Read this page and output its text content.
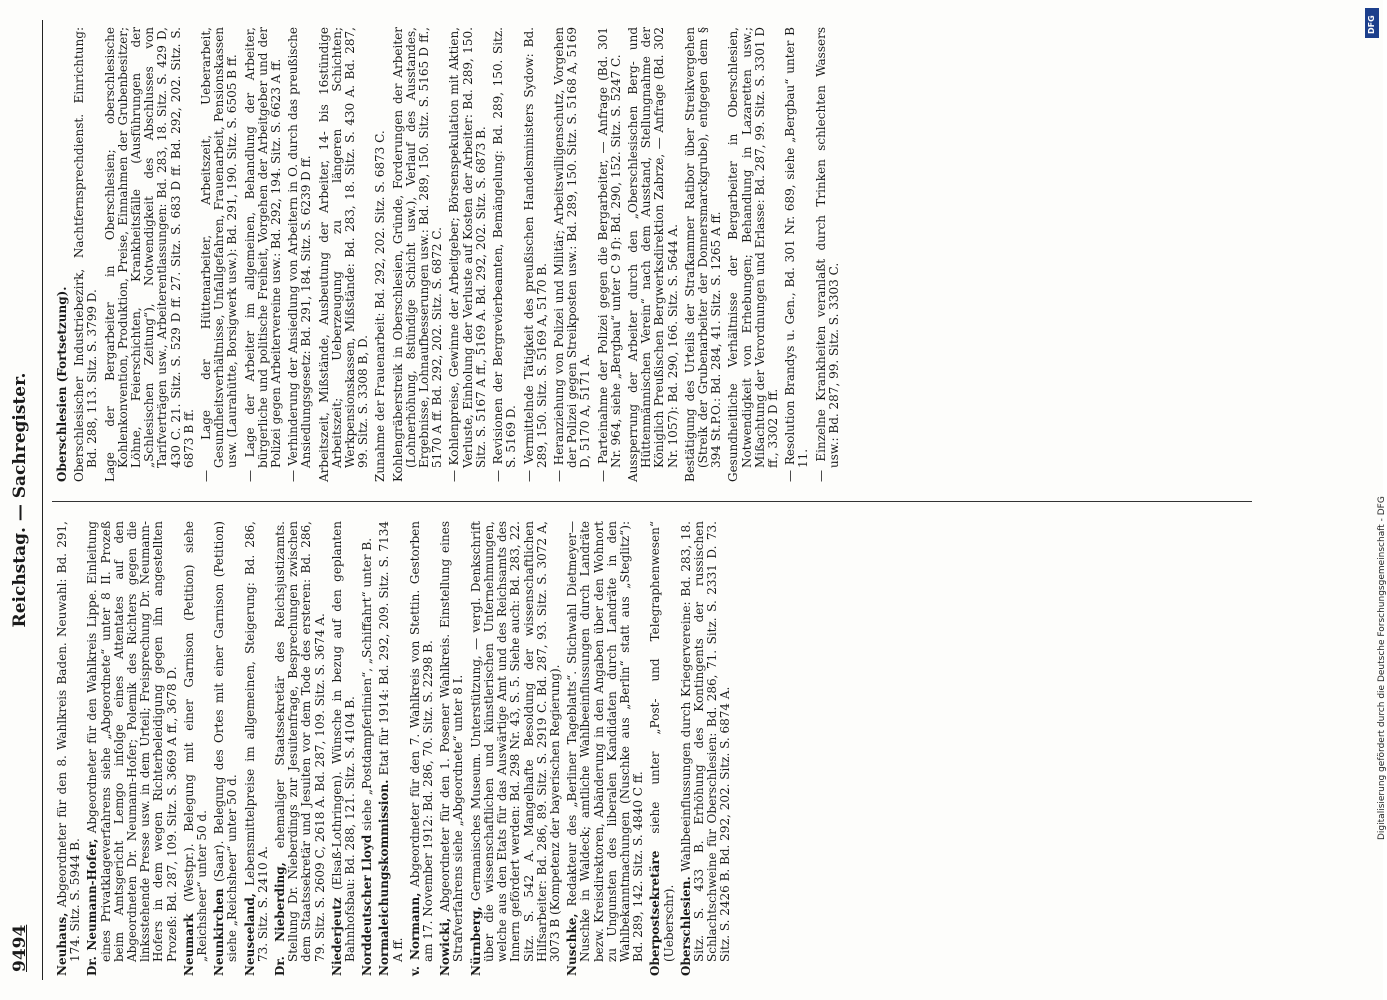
9494
Reichstag. — Sachregister.

Neuhaus, Abgeordneter für den 8. Wahlkreis Baden. Neuwahl: Bd. 291, 174. Sitz. S. 5944 B. Dr. Neumann-Hofer, Abgeordneter für den Wahlkreis Lippe. Einleitung eines Privatklageverfahrens siehe „Abgeordnete“ unter 8 II. Prozeß beim Amtsgericht Lemgo infolge eines Attentates auf den Abgeordneten Dr. Neumann-Hofer; Polemik des Richters gegen die linksstehende Presse usw. in dem Urteil; Freisprechung Dr. Neumann-Hofers in dem wegen Richterbeleidigung gegen ihn angestellten Prozeß: Bd. 287, 109. Sitz. S. 3669 A ff., 3678 D. Neumark (Westpr.). Belegung mit einer Garnison (Petition) siehe „Reichsheer“ unter 50 d. Neunkirchen (Saar). Belegung des Ortes mit einer Garnison (Petition) siehe „Reichsheer“ unter 50 d. Neuseeland, Lebensmittelpreise im allgemeinen, Steigerung: Bd. 286, 73. Sitz. S. 2410 A. Dr. Nieberding, ehemaliger Staatssekretär des Reichsjustizamts. Stellung Dr. Nieberdings zur Jesuitenfrage, Besprechungen zwischen dem Staatssekretär und Jesuiten vor dem Tode des ersteren: Bd. 286, 79. Sitz. S. 2609 C, 2618 A. Bd. 287, 109. Sitz. S. 3674 A. Niederjeutz (Elsaß-Lothringen). Wünsche in bezug auf den geplanten Bahnhofsbau: Bd. 288, 121. Sitz. S. 4104 B. Norddeutscher Lloyd siehe „Postdampferlinien“, „Schiffahrt“ unter B.

Normaleichungskommission. Etat für 1914: Bd. 292, 209. Sitz. S. 7134 A ff. v. Normann, Abgeordneter für den 7. Wahlkreis von Stettin. Gestorben am 17. November 1912: Bd. 286, 70. Sitz. S. 2298 B. Nowicki, Abgeordneter für den 1. Posener Wahlkreis. Einstellung eines Strafverfahrens siehe „Abgeordnete“ unter 8 I. Nürnberg, Germanisches Museum. Unterstützung, — vergl. Denkschrift über die wissenschaftlichen und künstlerischen Unternehmungen, welche aus den Etats für das Auswärtige Amt und des Reichsamts des Innern gefördert werden: Bd. 298 Nr. 43, S. 5. Siehe auch: Bd. 283, 22. Sitz. S. 542 A. Mangelhafte Besoldung der wissenschaftlichen Hilfsarbeiter: Bd. 286, 89. Sitz. S. 2919 C. Bd. 287, 93. Sitz. S. 3072 A, 3073 B (Kompetenz der bayerischen Regierung). Nuschke, Redakteur des „Berliner Tageblatts“. Stichwahl Dietmeyer—Nuschke in Waldeck; amtliche Wahlbeeinflussungen durch Landräte bezw. Kreisdirektoren, Abänderung in den Angaben über den Wohnort zu Ungunsten des liberalen Kandidaten durch Landräte in den Wahlbekanntmachungen (Nuschke aus „Berlin“ statt aus „Steglitz“): Bd. 289, 142. Sitz. S. 4840 C ff. Oberpostsekretäre siehe unter „Post- und Telegraphenwesen“ (Ueberschr). Oberschlesien. Wahlbeeinflussungen durch Kriegervereine: Bd. 283, 18. Sitz. S. 433 B. Erhöhung des Kontingents der russischen Schlachtschweine für Oberschlesien: Bd. 286, 71. Sitz. S. 2331 D. 73. Sitz. S. 2426 B. Bd. 292, 202. Sitz. S. 6874 A.

Oberschlesien (Fortsetzung). Oberschlesischer Industriebezirk, Nachtfernsprechdienst. Einrichtung: Bd. 288, 113. Sitz. S. 3799 D. Lage der Bergarbeiter in Oberschlesien; oberschlesische Kohlenkonvention, Produktion, Preise, Einnahmen der Grubenbesitzer; Löhne, Feierschichten, Krankheitsfälle (Ausführungen der „Schlesischen Zeitung“), Notwendigkeit des Abschlusses von Tarifverträgen usw., Arbeiterentlassungen: Bd. 283, 18. Sitz. S. 429 D, 430 C. 21. Sitz. S. 529 D ff. 27. Sitz. S. 683 D ff. Bd. 292, 202. Sitz. S. 6873 B ff. — Lage der Hüttenarbeiter, Arbeitszeit, Ueberarbeit, Gesundheitsverhältnisse, Unfallgefahren, Frauenarbeit, Pensionskassen usw. (Laurahütte, Borsigwerk usw.): Bd. 291, 190. Sitz. S. 6505 B ff. — Lage der Arbeiter im allgemeinen, Behandlung der Arbeiter, bürgerliche und politische Freiheit, Vorgehen der Arbeitgeber und der Polizei gegen Arbeitervereine usw.: Bd. 292, 194. Sitz. S. 6623 A ff. — Verhinderung der Ansiedlung von Arbeitern in O. durch das preußische Ansiedlungsgesetz: Bd. 291, 184. Sitz. S. 6239 D ff. Arbeitszeit, Mißstände, Ausbeutung der Arbeiter, 14- bis 16stündige Arbeitszeit; Ueberzeugung zu längeren Schichten; Werkpensionskassen, Mißstände: Bd. 283, 18. Sitz. S. 430 A. Bd. 287, 99. Sitz. S. 3308 B, D. Zunahme der Frauenarbeit: Bd. 292, 202. Sitz. S. 6873 C. Kohlengräberstreik in Oberschlesien, Gründe, Forderungen der Arbeiter (Lohnerhöhung, 8stündige Schicht usw.), Verlauf des Ausstandes, Ergebnisse, Lohnaufbesserungen usw.: Bd. 289, 150. Sitz. S. 5165 D ff., 5170 A ff. Bd. 292, 202. Sitz. S. 6872 C. — Kohlenpreise, Gewinne der Arbeitgeber; Börsenspekulation mit Aktien, Verluste, Einholung der Verluste auf Kosten der Arbeiter: Bd. 289, 150. Sitz. S. 5167 A ff., 5169 A. Bd. 292, 202. Sitz. S. 6873 B. — Revisionen der Bergrevierbeamten, Bemängelung: Bd. 289, 150. Sitz. S. 5169 D. — Vermittelnde Tätigkeit des preußischen Handelsministers Sydow: Bd. 289, 150. Sitz. S. 5169 A, 5170 B. — Heranziehung von Polizei und Militär; Arbeitswilligenschutz, Vorgehen der Polizei gegen Streikposten usw.: Bd. 289, 150. Sitz. S. 5168 A, 5169 D, 5170 A, 5171 A. — Parteinahme der Polizei gegen die Bergarbeiter, — Anfrage (Bd. 301 Nr. 964, siehe „Bergbau“ unter C 9 f): Bd. 290, 152. Sitz. S. 5247 C. Aussperrung der Arbeiter durch den „Oberschlesischen Berg- und Hüttenmännischen Verein“ nach dem Ausstand, Stellungnahme der Königlich Preußischen Bergwerksdirektion Zabrze, — Anfrage (Bd. 302 Nr. 1057): Bd. 290, 166. Sitz. S. 5644 A. Bestätigung des Urteils der Strafkammer Ratibor über Streikvergehen (Streik der Grubenarbeiter der Donnersmarckgrube), entgegen dem § 394 St.P.O.: Bd. 284, 41. Sitz. S. 1265 A ff. Gesundheitliche Verhältnisse der Bergarbeiter in Oberschlesien, Notwendigkeit von Erhebungen; Behandlung in Lazaretten usw.; Mißachtung der Verordnungen und Erlasse: Bd. 287, 99. Sitz. S. 3301 D ff., 3302 D ff. — Resolution Brandys u. Gen., Bd. 301 Nr. 689, siehe „Bergbau“ unter B 11. — Einzelne Krankheiten veranlaßt durch Trinken schlechten Wassers usw.: Bd. 287, 99. Sitz. S. 3303 C.

Digitalisierung gefördert durch die Deutsche Forschungsgemeinschaft - DFG
DFG
